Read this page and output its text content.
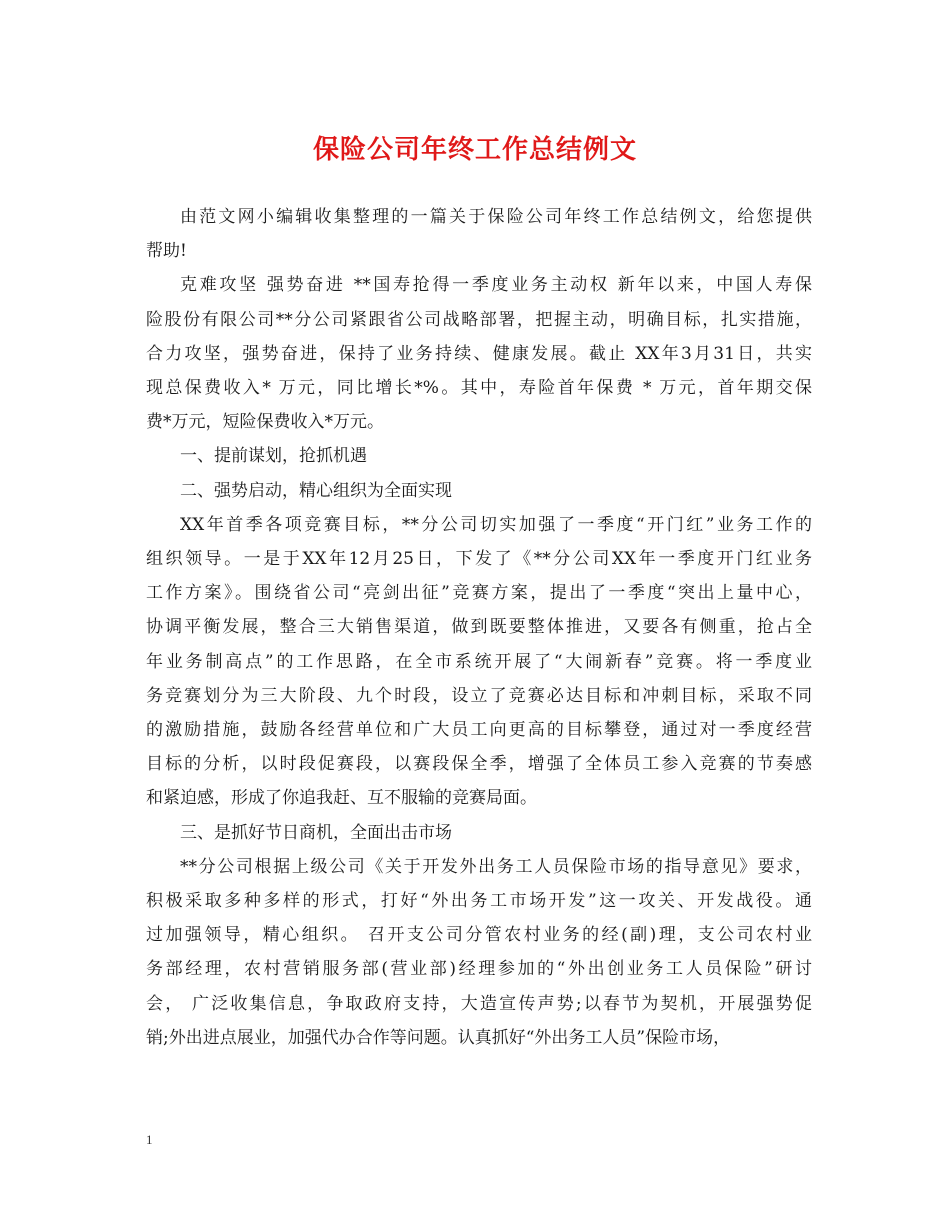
保险公司年终工作总结例文
由范文网小编辑收集整理的一篇关于保险公司年终工作总结例文，给您提供
帮助!
克难攻坚 强势奋进 **国寿抢得一季度业务主动权 新年以来，中国人寿保
险股份有限公司**分公司紧跟省公司战略部署，把握主动，明确目标，扎实措施，
合力攻坚，强势奋进，保持了业务持续、健康发展。截止 XX年3月31日，共实
现总保费收入* 万元，同比增长*%。其中，寿险首年保费 * 万元，首年期交保
费*万元，短险保费收入*万元。
一、提前谋划，抢抓机遇
二、强势启动，精心组织为全面实现
XX年首季各项竞赛目标，**分公司切实加强了一季度“开门红”业务工作的
组织领导。一是于XX年12月25日，下发了《**分公司XX年一季度开门红业务
工作方案》。围绕省公司“亮剑出征”竞赛方案，提出了一季度“突出上量中心，
协调平衡发展，整合三大销售渠道，做到既要整体推进，又要各有侧重，抢占全
年业务制高点”的工作思路，在全市系统开展了“大闹新春”竞赛。将一季度业
务竞赛划分为三大阶段、九个时段，设立了竞赛必达目标和冲刺目标，采取不同
的激励措施，鼓励各经营单位和广大员工向更高的目标攀登，通过对一季度经营
目标的分析，以时段促赛段，以赛段保全季，增强了全体员工参入竞赛的节奏感
和紧迫感，形成了你追我赶、互不服输的竞赛局面。
三、是抓好节日商机，全面出击市场
**分公司根据上级公司《关于开发外出务工人员保险市场的指导意见》要求，
积极采取多种多样的形式，打好“外出务工市场开发”这一攻关、开发战役。通
过加强领导，精心组织。 召开支公司分管农村业务的经(副)理，支公司农村业
务部经理，农村营销服务部(营业部)经理参加的“外出创业务工人员保险”研讨
会， 广泛收集信息，争取政府支持，大造宣传声势;以春节为契机，开展强势促
销;外出进点展业，加强代办合作等问题。认真抓好“外出务工人员”保险市场，
1
